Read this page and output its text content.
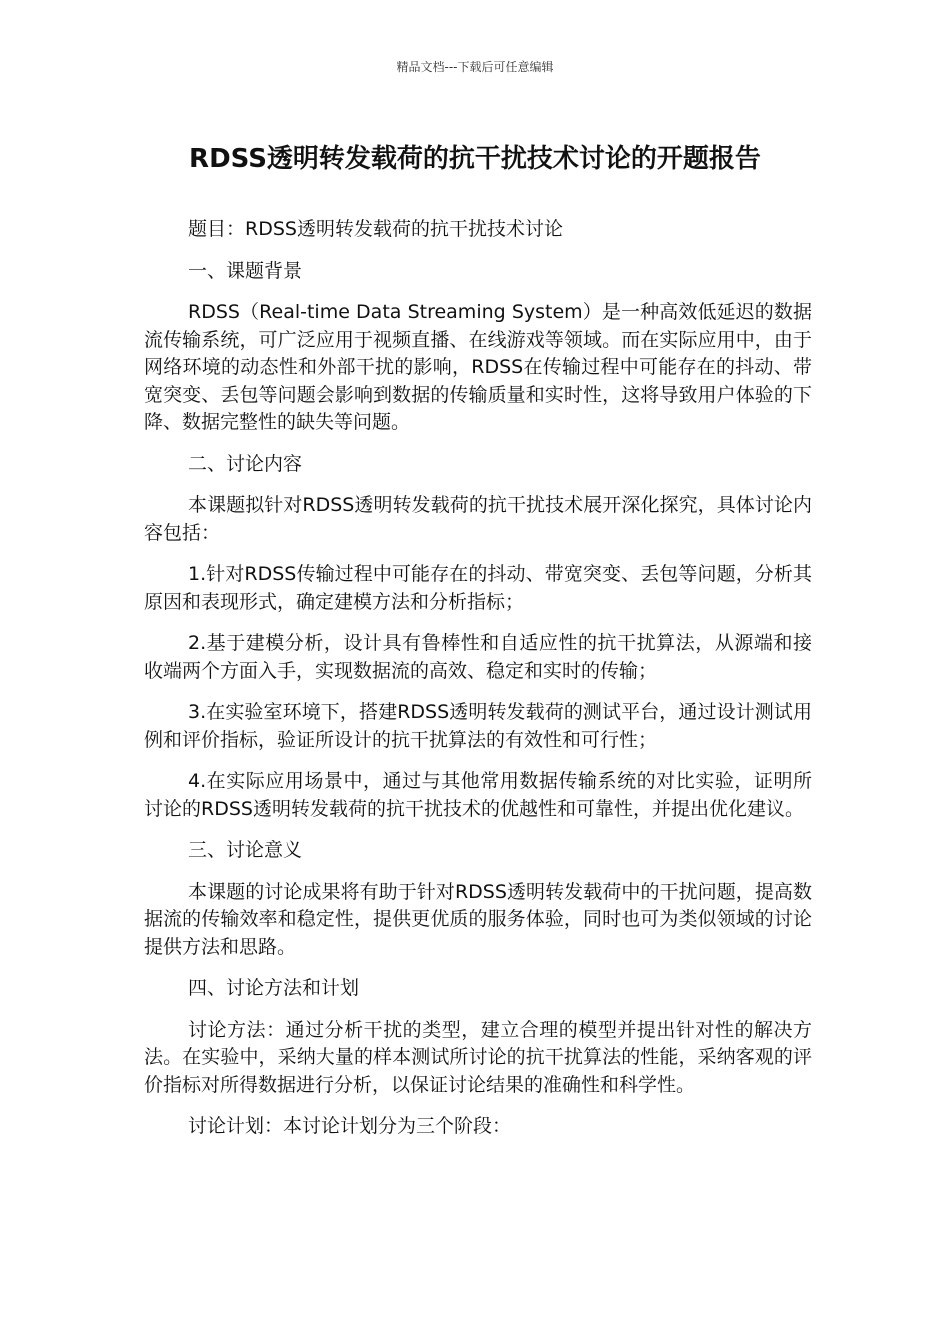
精品文档---下载后可任意编辑
RDSS透明转发载荷的抗干扰技术讨论的开题报告

题目：RDSS透明转发载荷的抗干扰技术讨论

一、课题背景

RDSS（Real-time Data Streaming System）是一种高效低延迟的数据流传输系统，可广泛应用于视频直播、在线游戏等领域。而在实际应用中，由于网络环境的动态性和外部干扰的影响，RDSS在传输过程中可能存在的抖动、带宽突变、丢包等问题会影响到数据的传输质量和实时性，这将导致用户体验的下降、数据完整性的缺失等问题。

二、讨论内容

本课题拟针对RDSS透明转发载荷的抗干扰技术展开深化探究，具体讨论内容包括：

1.针对RDSS传输过程中可能存在的抖动、带宽突变、丢包等问题，分析其原因和表现形式，确定建模方法和分析指标；

2.基于建模分析，设计具有鲁棒性和自适应性的抗干扰算法，从源端和接收端两个方面入手，实现数据流的高效、稳定和实时的传输；

3.在实验室环境下，搭建RDSS透明转发载荷的测试平台，通过设计测试用例和评价指标，验证所设计的抗干扰算法的有效性和可行性；

4.在实际应用场景中，通过与其他常用数据传输系统的对比实验，证明所讨论的RDSS透明转发载荷的抗干扰技术的优越性和可靠性，并提出优化建议。

三、讨论意义

本课题的讨论成果将有助于针对RDSS透明转发载荷中的干扰问题，提高数据流的传输效率和稳定性，提供更优质的服务体验，同时也可为类似领域的讨论提供方法和思路。

四、讨论方法和计划

讨论方法：通过分析干扰的类型，建立合理的模型并提出针对性的解决方法。在实验中，采纳大量的样本测试所讨论的抗干扰算法的性能，采纳客观的评价指标对所得数据进行分析，以保证讨论结果的准确性和科学性。

讨论计划：本讨论计划分为三个阶段：
